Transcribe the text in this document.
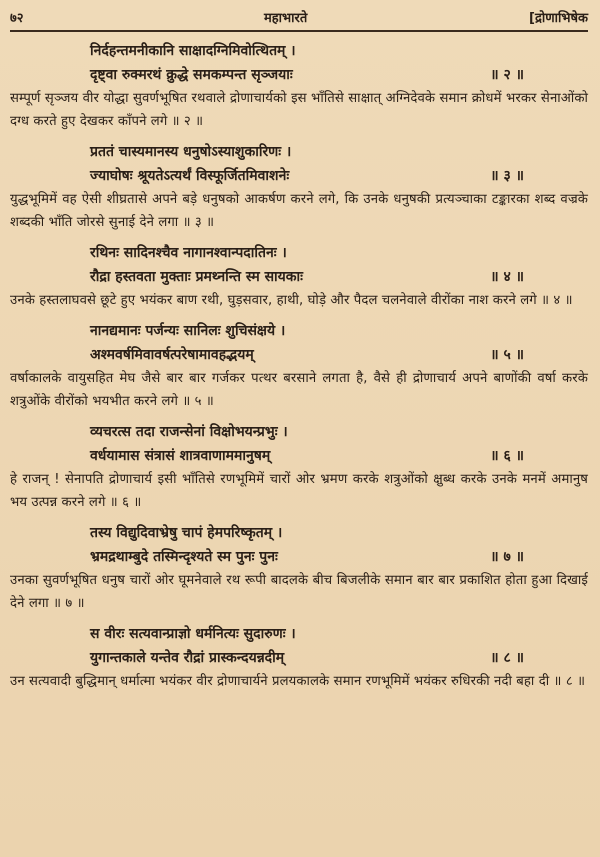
७२	महाभारते	[द्रोणाभिषेक
निर्दहन्तमनीकानि साक्षादग्निमिवोत्थितम् ।
दृष्ट्वा रुक्मरथं क्रुद्धे समकम्पन्त सृञ्जयाः	॥ २ ॥
सम्पूर्ण सृञ्जय वीर योद्धा सुवर्णभूषित रथवाले द्रोणाचार्यको इस भाँतिसे साक्षात् अग्निदेवके समान क्रोधमें भरकर सेनाओंको दग्ध करते हुए देखकर काँपने लगे ॥ २ ॥
प्रततं चास्यमानस्य धनुषोऽस्याशुकारिणः ।
ज्याघोषः श्रूयतेऽत्यर्थं विस्फूर्जितमिवाशनेः	॥ ३ ॥
युद्धभूमिमें वह ऐसी शीघ्रतासे अपने बड़े धनुषको आकर्षण करने लगे, कि उनके धनुषकी प्रत्यञ्चाका टङ्कारका शब्द वज्रके शब्दकी भाँति जोरसे सुनाई देने लगा ॥ ३ ॥
रथिनः सादिनश्चैव नागानश्वान्पदातिनः ।
रौद्रा हस्तवता मुक्ताः प्रमथ्नन्ति स्म सायकाः	॥ ४ ॥
उनके हस्तलाघवसे छूटे हुए भयंकर बाण रथी, घुड़सवार, हाथी, घोड़े और पैदल चलनेवाले वीरोंका नाश करने लगे ॥ ४ ॥
नानद्यमानः पर्जन्यः सानिलः शुचिसंक्षये ।
अश्मवर्षमिवावर्षत्परेषामावहद्भयम्	॥ ५ ॥
वर्षाकालके वायुसहित मेघ जैसे बार बार गर्जकर पत्थर बरसाने लगता है, वैसे ही द्रोणाचार्य अपने बाणोंकी वर्षा करके शत्रुओंके वीरोंको भयभीत करने लगे ॥ ५ ॥
व्यचरत्स तदा राजन्सेनां विक्षोभयन्प्रभुः ।
वर्धयामास संत्रासं शात्रवाणाममानुषम्	॥ ६ ॥
हे राजन् ! सेनापति द्रोणाचार्य इसी भाँतिसे रणभूमिमें चारों ओर भ्रमण करके शत्रुओंको क्षुब्ध करके उनके मनमें अमानुष भय उत्पन्न करने लगे ॥ ६ ॥
तस्य विद्युदिवाभ्रेषु चापं हेमपरिष्कृतम् ।
भ्रमद्रथाम्बुदे तस्मिन्दृश्यते स्म पुनः पुनः	॥ ७ ॥
उनका सुवर्णभूषित धनुष चारों ओर घूमनेवाले रथ रूपी बादलके बीच बिजलीके समान बार बार प्रकाशित होता हुआ दिखाई देने लगा ॥ ७ ॥
स वीरः सत्यवान्प्राज्ञो धर्मनित्यः सुदारुणः ।
युगान्तकाले यन्तेव रौद्रां प्रास्कन्दयन्नदीम्	॥ ८ ॥
उन सत्यवादी बुद्धिमान् धर्मात्मा भयंकर वीर द्रोणाचार्यने प्रलयकालके समान रणभूमिमें भयंकर रुधिरकी नदी बहा दी ॥ ८ ॥
